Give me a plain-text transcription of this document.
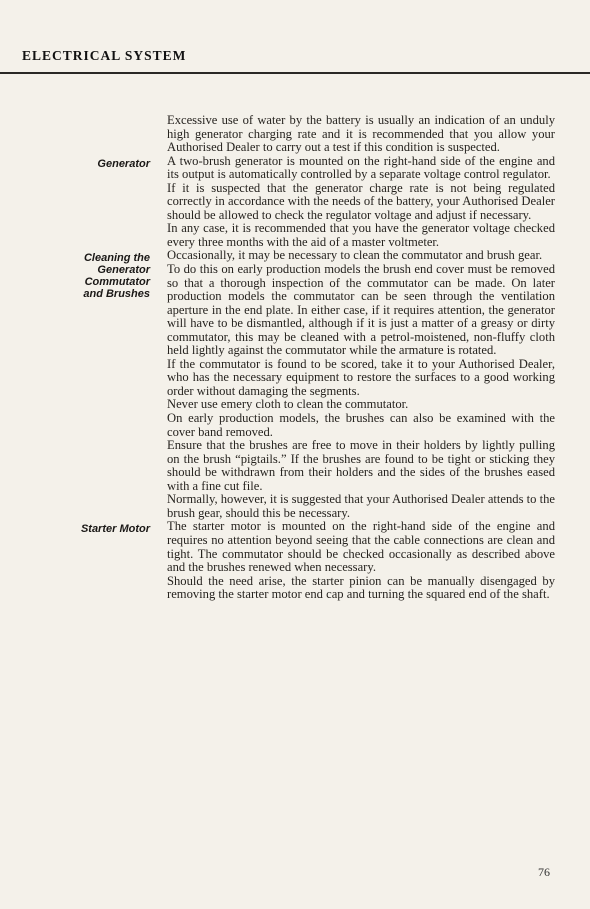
ELECTRICAL SYSTEM

Excessive use of water by the battery is usually an indication of an unduly high generator charging rate and it is recommended that you allow your Authorised Dealer to carry out a test if this condition is suspected.

Generator A two-brush generator is mounted on the right-hand side of the engine and its output is automatically controlled by a separate voltage control regulator.

If it is suspected that the generator charge rate is not being regulated correctly in accordance with the needs of the battery, your Authorised Dealer should be allowed to check the regulator voltage and adjust if necessary.

In any case, it is recommended that you have the generator voltage checked every three months with the aid of a master voltmeter.

Cleaning the
Generator
Commutator
and Brushes

Occasionally, it may be necessary to clean the commutator and brush gear.

To do this on early production models the brush end cover must be removed so that a thorough inspection of the commutator can be made. On later production models the commutator can be seen through the ventilation aperture in the end plate. In either case, if it requires attention, the generator will have to be dismantled, although if it is just a matter of a greasy or dirty commutator, this may be cleaned with a petrol-moistened, non-fluffy cloth held lightly against the commutator while the armature is rotated.

If the commutator is found to be scored, take it to your Authorised Dealer, who has the necessary equipment to restore the surfaces to a good working order without damaging the segments.

Never use emery cloth to clean the commutator.

On early production models, the brushes can also be examined with the cover band removed.

Ensure that the brushes are free to move in their holders by lightly pulling on the brush “pigtails.” If the brushes are found to be tight or sticking they should be withdrawn from their holders and the sides of the brushes eased with a fine cut file.

Normally, however, it is suggested that your Authorised Dealer attends to the brush gear, should this be necessary.

Starter Motor The starter motor is mounted on the right-hand side of the engine and requires no attention beyond seeing that the cable connections are clean and tight. The commutator should be checked occasionally as described above and the brushes renewed when necessary.

Should the need arise, the starter pinion can be manually disengaged by removing the starter motor end cap and turning the squared end of the shaft.

76
